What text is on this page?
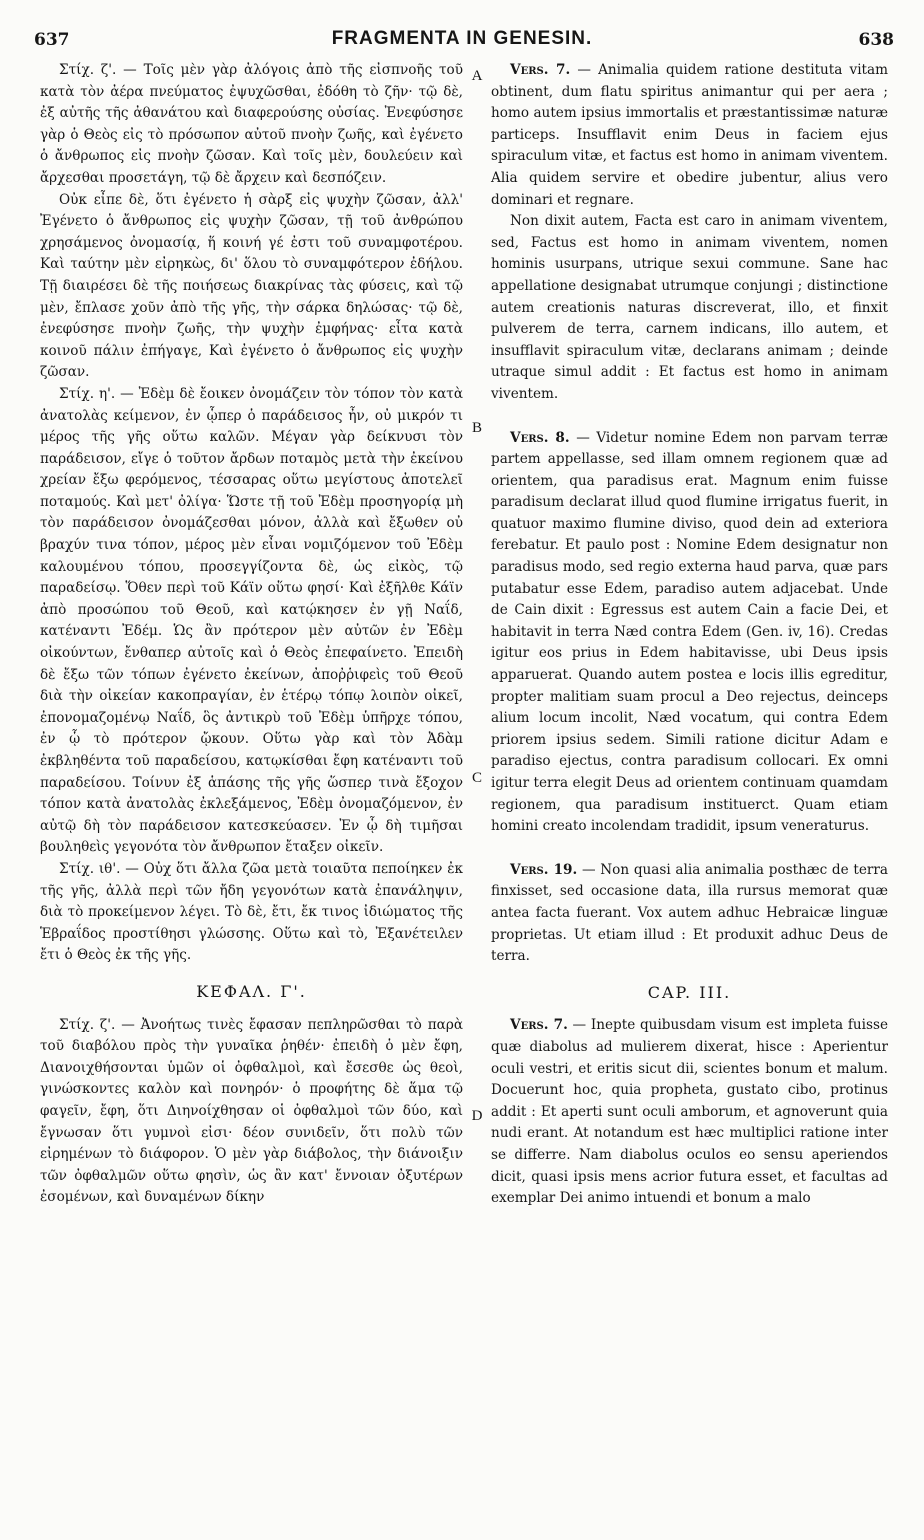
637	FRAGMENTA IN GENESIN.	638

Στίχ. ζ'. — Τοῖς μὲν γὰρ ἀλόγοις ἀπὸ τῆς εἰσπνοῆς τοῦ κατὰ τὸν ἀέρα πνεύματος ἐψυχῶσθαι, ἐδόθη τὸ ζῆν· τῷ δὲ, ἐξ αὐτῆς τῆς ἀθανάτου καὶ διαφερούσης οὐσίας. Ἐνεφύσησε γὰρ ὁ Θεὸς εἰς τὸ πρόσωπον αὐτοῦ πνοὴν ζωῆς, καὶ ἐγένετο ὁ ἄνθρωπος εἰς πνοὴν ζῶσαν. Καὶ τοῖς μὲν, δουλεύειν καὶ ἄρχεσθαι προσετάγη, τῷ δὲ ἄρχειν καὶ δεσπόζειν.

Οὐκ εἶπε δὲ, ὅτι ἐγένετο ἡ σὰρξ εἰς ψυχὴν ζῶσαν, ἀλλ' Ἐγένετο ὁ ἄνθρωπος εἰς ψυχὴν ζῶσαν, τῇ τοῦ ἀνθρώπου χρησάμενος ὀνομασίᾳ, ἥ κοινή γέ ἐστι τοῦ συναμφοτέρου. Καὶ ταύτην μὲν εἰρηκὼς, δι' ὅλου τὸ συναμφότερον ἐδήλου. Τῇ διαιρέσει δὲ τῆς ποιήσεως διακρίνας τὰς φύσεις, καὶ τῷ μὲν, ἔπλασε χοῦν ἀπὸ τῆς γῆς, τὴν σάρκα δηλώσας· τῷ δὲ, ἐνεφύσησε πνοὴν ζωῆς, τὴν ψυχὴν ἐμφήνας· εἶτα κατὰ κοινοῦ πάλιν ἐπήγαγε, Καὶ ἐγένετο ὁ ἄνθρωπος εἰς ψυχὴν ζῶσαν.

Στίχ. η'. — Ἐδὲμ δὲ ἔοικεν ὀνομάζειν τὸν τόπον τὸν κατὰ ἀνατολὰς κείμενον, ἐν ᾧπερ ὁ παράδεισος ἦν, οὐ μικρόν τι μέρος τῆς γῆς οὕτω καλῶν. Μέγαν γὰρ δείκνυσι τὸν παράδεισον, εἴγε ὁ τοῦτον ἄρδων ποταμὸς μετὰ τὴν ἐκείνου χρείαν ἔξω φερόμενος, τέσσαρας οὕτω μεγίστους ἀποτελεῖ ποταμούς. Καὶ μετ' ὀλίγα· Ὥστε τῇ τοῦ Ἐδὲμ προσηγορίᾳ μὴ τὸν παράδεισον ὀνομάζεσθαι μόνον, ἀλλὰ καὶ ἔξωθεν οὐ βραχύν τινα τόπον, μέρος μὲν εἶναι νομιζόμενον τοῦ Ἐδὲμ καλουμένου τόπου, προσεγγίζοντα δὲ, ὡς εἰκὸς, τῷ παραδείσῳ. Ὅθεν περὶ τοῦ Κάϊν οὕτω φησί· Καὶ ἐξῆλθε Κάϊν ἀπὸ προσώπου τοῦ Θεοῦ, καὶ κατῴκησεν ἐν γῇ Ναΐδ, κατέναντι Ἐδέμ. Ὡς ἂν πρότερον μὲν αὐτῶν ἐν Ἐδὲμ οἰκούντων, ἔνθαπερ αὐτοῖς καὶ ὁ Θεὸς ἐπεφαίνετο. Ἐπειδὴ δὲ ἔξω τῶν τόπων ἐγένετο ἐκείνων, ἀποῤῥιφεὶς τοῦ Θεοῦ διὰ τὴν οἰκείαν κακοπραγίαν, ἐν ἑτέρῳ τόπῳ λοιπὸν οἰκεῖ, ἐπονομαζομένῳ Ναΐδ, ὃς ἀντικρὺ τοῦ Ἐδὲμ ὑπῆρχε τόπου, ἐν ᾧ τὸ πρότερον ᾤκουν. Οὕτω γὰρ καὶ τὸν Ἀδὰμ ἐκβληθέντα τοῦ παραδείσου, κατῳκίσθαι ἔφη κατέναντι τοῦ παραδείσου. Τοίνυν ἐξ ἁπάσης τῆς γῆς ὥσπερ τινὰ ἔξοχον τόπον κατὰ ἀνατολὰς ἐκλεξάμενος, Ἐδὲμ ὀνομαζόμενον, ἐν αὐτῷ δὴ τὸν παράδεισον κατεσκεύασεν. Ἐν ᾧ δὴ τιμῆσαι βουληθεὶς γεγονότα τὸν ἄνθρωπον ἔταξεν οἰκεῖν.

Στίχ. ιθ'. — Οὐχ ὅτι ἄλλα ζῶα μετὰ τοιαῦτα πεποίηκεν ἐκ τῆς γῆς, ἀλλὰ περὶ τῶν ἤδη γεγονότων κατὰ ἐπανάληψιν, διὰ τὸ προκείμενον λέγει. Τὸ δὲ, ἔτι, ἔκ τινος ἰδιώματος τῆς Ἑβραΐδος προστίθησι γλώσσης. Οὕτω καὶ τὸ, Ἐξανέτειλεν ἔτι ὁ Θεὸς ἐκ τῆς γῆς.

ΚΕΦΑΛ. Γ'.

Στίχ. ζ'. — Ἀνοήτως τινὲς ἔφασαν πεπληρῶσθαι τὸ παρὰ τοῦ διαβόλου πρὸς τὴν γυναῖκα ῥηθέν· ἐπειδὴ ὁ μὲν ἔφη, Διανοιχθήσονται ὑμῶν οἱ ὀφθαλμοὶ, καὶ ἔσεσθε ὡς θεοὶ, γινώσκοντες καλὸν καὶ πονηρόν· ὁ προφήτης δὲ ἅμα τῷ φαγεῖν, ἔφη, ὅτι Διηνοίχθησαν οἱ ὀφθαλμοὶ τῶν δύο, καὶ ἔγνωσαν ὅτι γυμνοὶ εἰσι· δέον συνιδεῖν, ὅτι πολὺ τῶν εἰρημένων τὸ διάφορον. Ὁ μὲν γὰρ διάβολος, τὴν διάνοιξιν τῶν ὀφθαλμῶν οὕτω φησὶν, ὡς ἂν κατ' ἔννοιαν ὀξυτέρων ἐσομένων, καὶ δυναμένων δίκην

A
B
C
D

Vers. 7. — Animalia quidem ratione destituta vitam obtinent, dum flatu spiritus animantur qui per aera ; homo autem ipsius immortalis et præstantissimæ naturæ particeps. Insufflavit enim Deus in faciem ejus spiraculum vitæ, et factus est homo in animam viventem. Alia quidem servire et obedire jubentur, alius vero dominari et regnare.

Non dixit autem, Facta est caro in animam viventem, sed, Factus est homo in animam viventem, nomen hominis usurpans, utrique sexui commune. Sane hac appellatione designabat utrumque conjungi ; distinctione autem creationis naturas discreverat, illo, et finxit pulverem de terra, carnem indicans, illo autem, et insufflavit spiraculum vitæ, declarans animam ; deinde utraque simul addit : Et factus est homo in animam viventem.

Vers. 8. — Videtur nomine Edem non parvam terræ partem appellasse, sed illam omnem regionem quæ ad orientem, qua paradisus erat. Magnum enim fuisse paradisum declarat illud quod flumine irrigatus fuerit, in quatuor maximo flumine diviso, quod dein ad exteriora ferebatur. Et paulo post : Nomine Edem designatur non paradisus modo, sed regio externa haud parva, quæ pars putabatur esse Edem, paradiso autem adjacebat. Unde de Cain dixit : Egressus est autem Cain a facie Dei, et habitavit in terra Næd contra Edem (Gen. iv, 16). Credas igitur eos prius in Edem habitavisse, ubi Deus ipsis apparuerat. Quando autem postea e locis illis egreditur, propter malitiam suam procul a Deo rejectus, deinceps alium locum incolit, Næd vocatum, qui contra Edem priorem ipsius sedem. Simili ratione dicitur Adam e paradiso ejectus, contra paradisum collocari. Ex omni igitur terra elegit Deus ad orientem continuam quamdam regionem, qua paradisum instituerct. Quam etiam homini creato incolendam tradidit, ipsum veneraturus.

Vers. 19. — Non quasi alia animalia posthæc de terra finxisset, sed occasione data, illa rursus memorat quæ antea facta fuerant. Vox autem adhuc Hebraicæ linguæ proprietas. Ut etiam illud : Et produxit adhuc Deus de terra.

CAP. III.

Vers. 7. — Inepte quibusdam visum est impleta fuisse quæ diabolus ad mulierem dixerat, hisce : Aperientur oculi vestri, et eritis sicut dii, scientes bonum et malum. Docuerunt hoc, quia propheta, gustato cibo, protinus addit : Et aperti sunt oculi amborum, et agnoverunt quia nudi erant. At notandum est hæc multiplici ratione inter se differre. Nam diabolus oculos eo sensu aperiendos dicit, quasi ipsis mens acrior futura esset, et facultas ad exemplar Dei animo intuendi et bonum a malo
